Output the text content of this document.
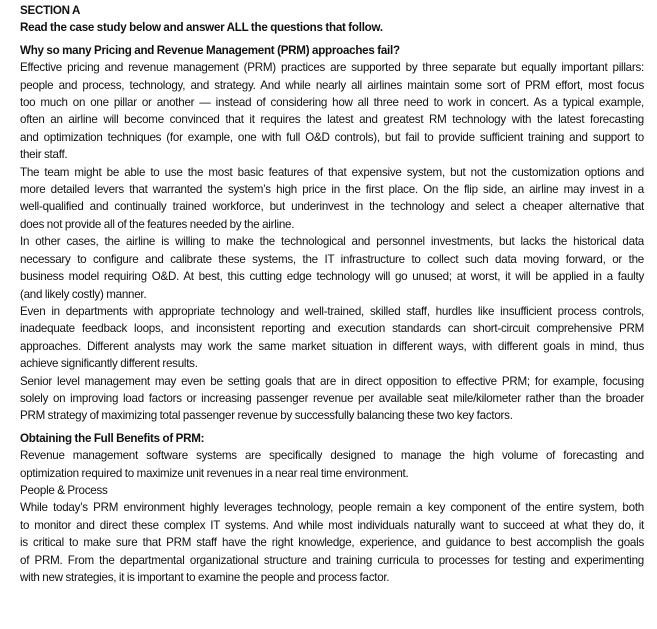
SECTION A
Read the case study below and answer ALL the questions that follow.
Why so many Pricing and Revenue Management (PRM) approaches fail?
Effective pricing and revenue management (PRM) practices are supported by three separate but equally important pillars:
people and process, technology, and strategy. And while nearly all airlines maintain some sort of PRM effort, most focus
too much on one pillar or another — instead of considering how all three need to work in concert. As a typical example,
often an airline will become convinced that it requires the latest and greatest RM technology with the latest forecasting
and optimization techniques (for example, one with full O&D controls), but fail to provide sufficient training and support to
their staff.
The team might be able to use the most basic features of that expensive system, but not the customization options and
more detailed levers that warranted the system’s high price in the first place. On the flip side, an airline may invest in a
well-qualified and continually trained workforce, but underinvest in the technology and select a cheaper alternative that
does not provide all of the features needed by the airline.
In other cases, the airline is willing to make the technological and personnel investments, but lacks the historical data
necessary to configure and calibrate these systems, the IT infrastructure to collect such data moving forward, or the
business model requiring O&D. At best, this cutting edge technology will go unused; at worst, it will be applied in a faulty
(and likely costly) manner.
Even in departments with appropriate technology and well-trained, skilled staff, hurdles like insufficient process controls,
inadequate feedback loops, and inconsistent reporting and execution standards can short-circuit comprehensive PRM
approaches. Different analysts may work the same market situation in different ways, with different goals in mind, thus
achieve significantly different results.
Senior level management may even be setting goals that are in direct opposition to effective PRM; for example, focusing
solely on improving load factors or increasing passenger revenue per available seat mile/kilometer rather than the broader
PRM strategy of maximizing total passenger revenue by successfully balancing these two key factors.
Obtaining the Full Benefits of PRM:
Revenue management software systems are specifically designed to manage the high volume of forecasting and
optimization required to maximize unit revenues in a near real time environment.
People & Process
While today’s PRM environment highly leverages technology, people remain a key component of the entire system, both
to monitor and direct these complex IT systems. And while most individuals naturally want to succeed at what they do, it
is critical to make sure that PRM staff have the right knowledge, experience, and guidance to best accomplish the goals
of PRM. From the departmental organizational structure and training curricula to processes for testing and experimenting
with new strategies, it is important to examine the people and process factor.
